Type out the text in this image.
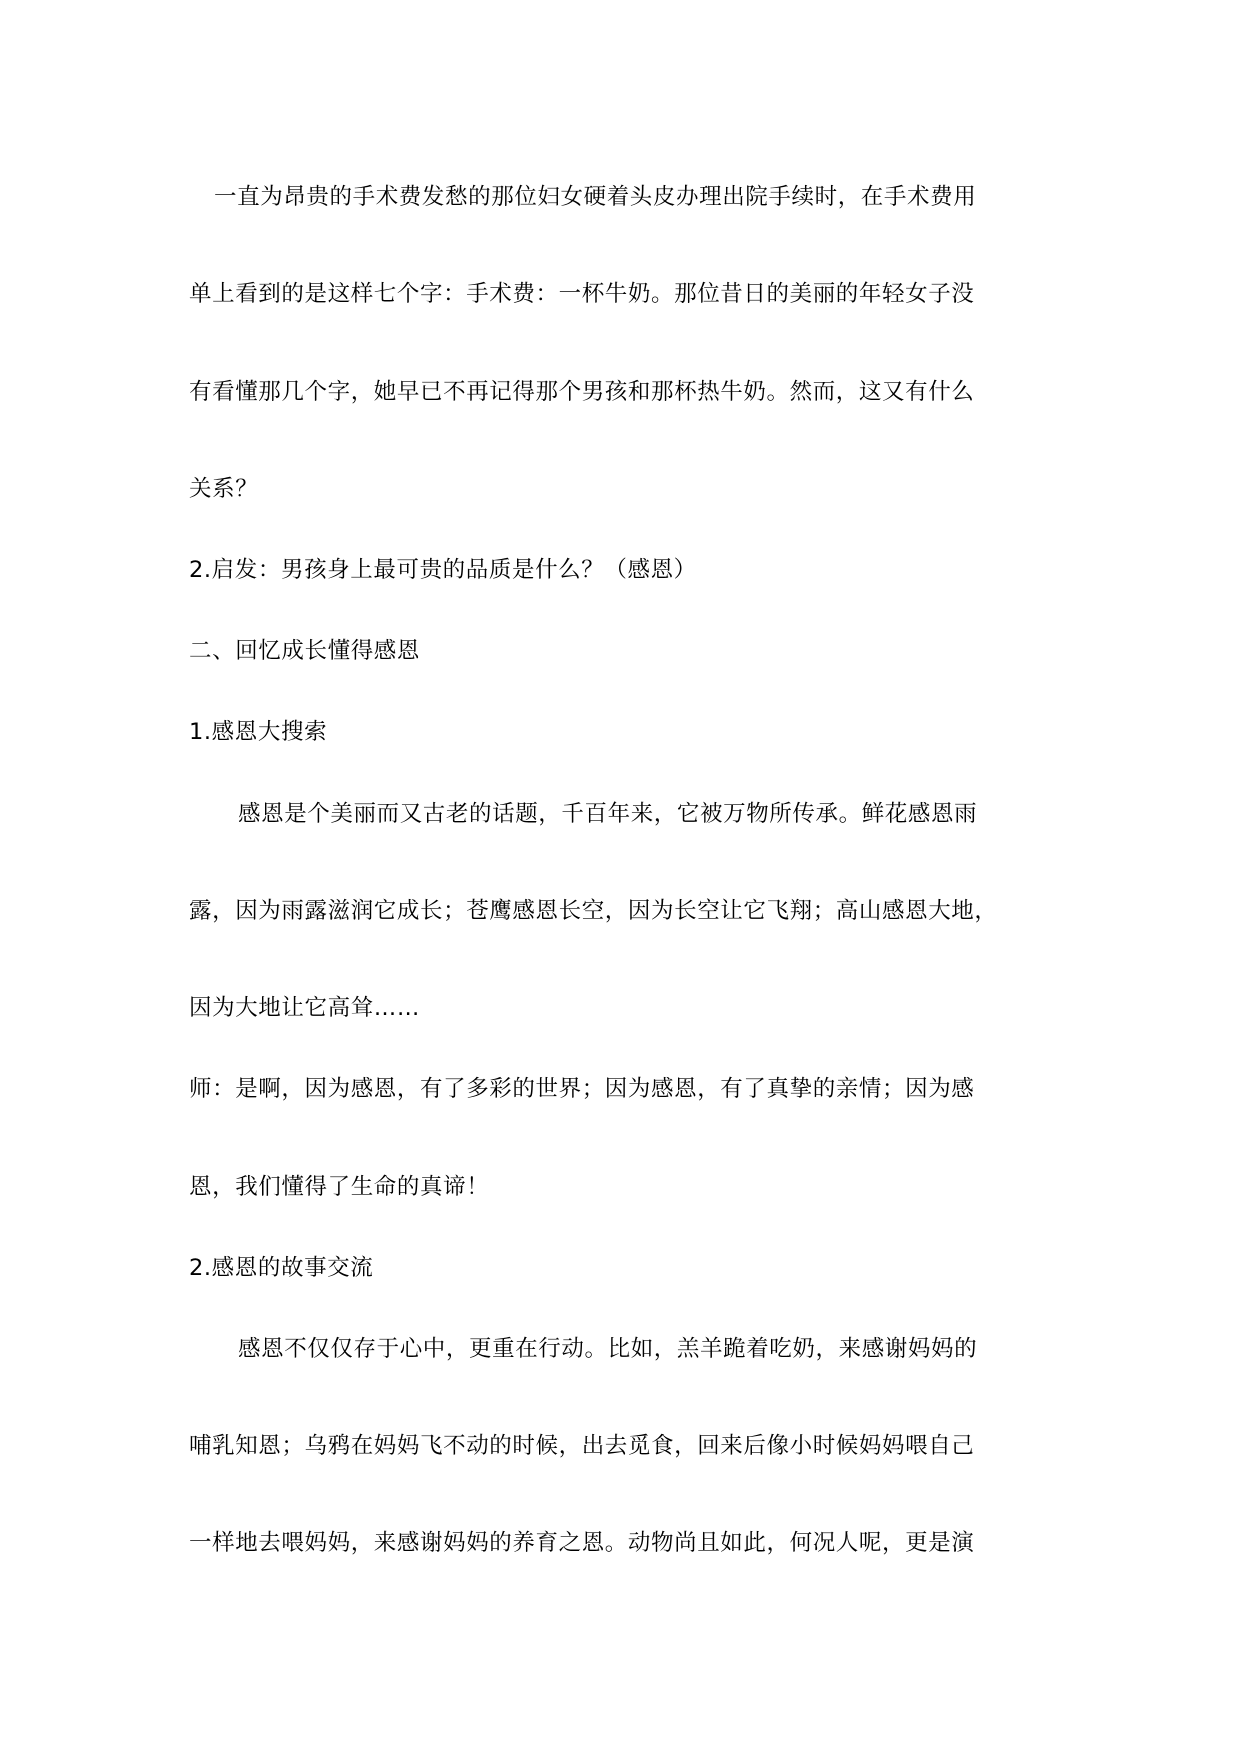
一直为昂贵的手术费发愁的那位妇女硬着头皮办理出院手续时，在手术费用
单上看到的是这样七个字：手术费：一杯牛奶。那位昔日的美丽的年轻女子没
有看懂那几个字，她早已不再记得那个男孩和那杯热牛奶。然而，这又有什么
关系？
2.启发：男孩身上最可贵的品质是什么？（感恩）
二、回忆成长懂得感恩
1.感恩大搜索
感恩是个美丽而又古老的话题，千百年来，它被万物所传承。鲜花感恩雨
露，因为雨露滋润它成长；苍鹰感恩长空，因为长空让它飞翔；高山感恩大地，
因为大地让它高耸……
师：是啊，因为感恩，有了多彩的世界；因为感恩，有了真挚的亲情；因为感
恩，我们懂得了生命的真谛！
2.感恩的故事交流
感恩不仅仅存于心中，更重在行动。比如，羔羊跪着吃奶，来感谢妈妈的
哺乳知恩；乌鸦在妈妈飞不动的时候，出去觅食，回来后像小时候妈妈喂自己
一样地去喂妈妈，来感谢妈妈的养育之恩。动物尚且如此，何况人呢，更是演
